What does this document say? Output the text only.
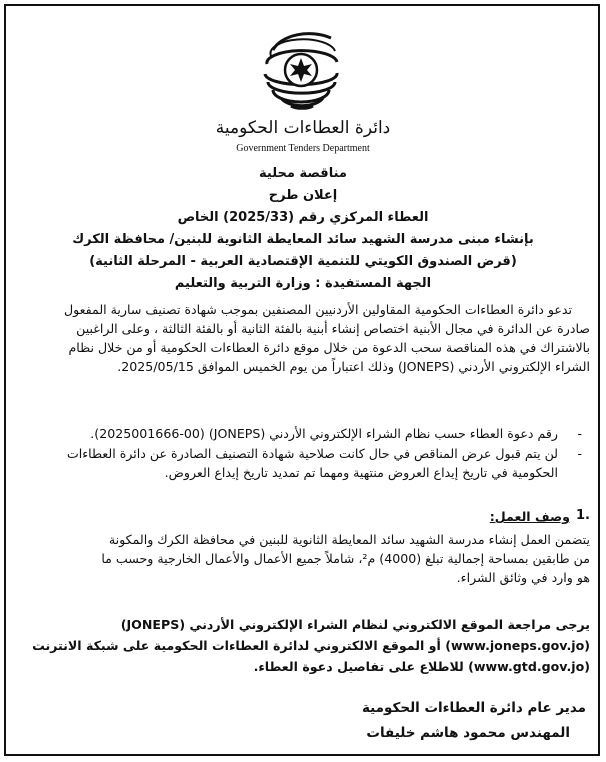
دائرة العطاءات الحكومية
Government Tenders Department
مناقصة محلية
إعلان طرح
العطاء المركزي رقم (2025/33) الخاص
بإنشاء مبنى مدرسة الشهيد سائد المعايطة الثانوية للبنين/ محافظة الكرك
(قرض الصندوق الكويتي للتنمية الإقتصادية العربية - المرحلة الثانية)
الجهة المستفيدة : وزارة التربية والتعليم
تدعو دائرة العطاءات الحكومية المقاولين الأردنيين المصنفين بموجب شهادة تصنيف سارية المفعول
صادرة عن الدائرة في مجال الأبنية اختصاص إنشاء أبنية بالفئة الثانية أو بالفئة الثالثة ، وعلى الراغبين
بالاشتراك في هذه المناقصة سحب الدعوة من خلال موقع دائرة العطاءات الحكومية أو من خلال نظام
الشراء الإلكتروني الأردني (JONEPS) وذلك اعتباراً من يوم الخميس الموافق 2025/05/15.
-
رقم دعوة العطاء حسب نظام الشراء الإلكتروني الأردني (JONEPS) (2025001666-00).
-
لن يتم قبول عرض المناقص في حال كانت صلاحية شهادة التصنيف الصادرة عن دائرة العطاءات
الحكومية في تاريخ إيداع العروض منتهية ومهما تم تمديد تاريخ إيداع العروض.
1.
وصف العمل:
يتضمن العمل إنشاء مدرسة الشهيد سائد المعايطة الثانوية للبنين في محافظة الكرك والمكونة
من طابقين بمساحة إجمالية تبلغ (4000) م²، شاملاً جميع الأعمال والأعمال الخارجية وحسب ما
هو وارد في وثائق الشراء.
يرجى مراجعة الموقع الالكتروني لنظام الشراء الإلكتروني الأردني (JONEPS)
(www.joneps.gov.jo) أو الموقع الالكتروني لدائرة العطاءات الحكومية على شبكة الانترنت
(www.gtd.gov.jo) للاطلاع على تفاصيل دعوة العطاء.
مدير عام دائرة العطاءات الحكومية
المهندس محمود هاشم خليفات
